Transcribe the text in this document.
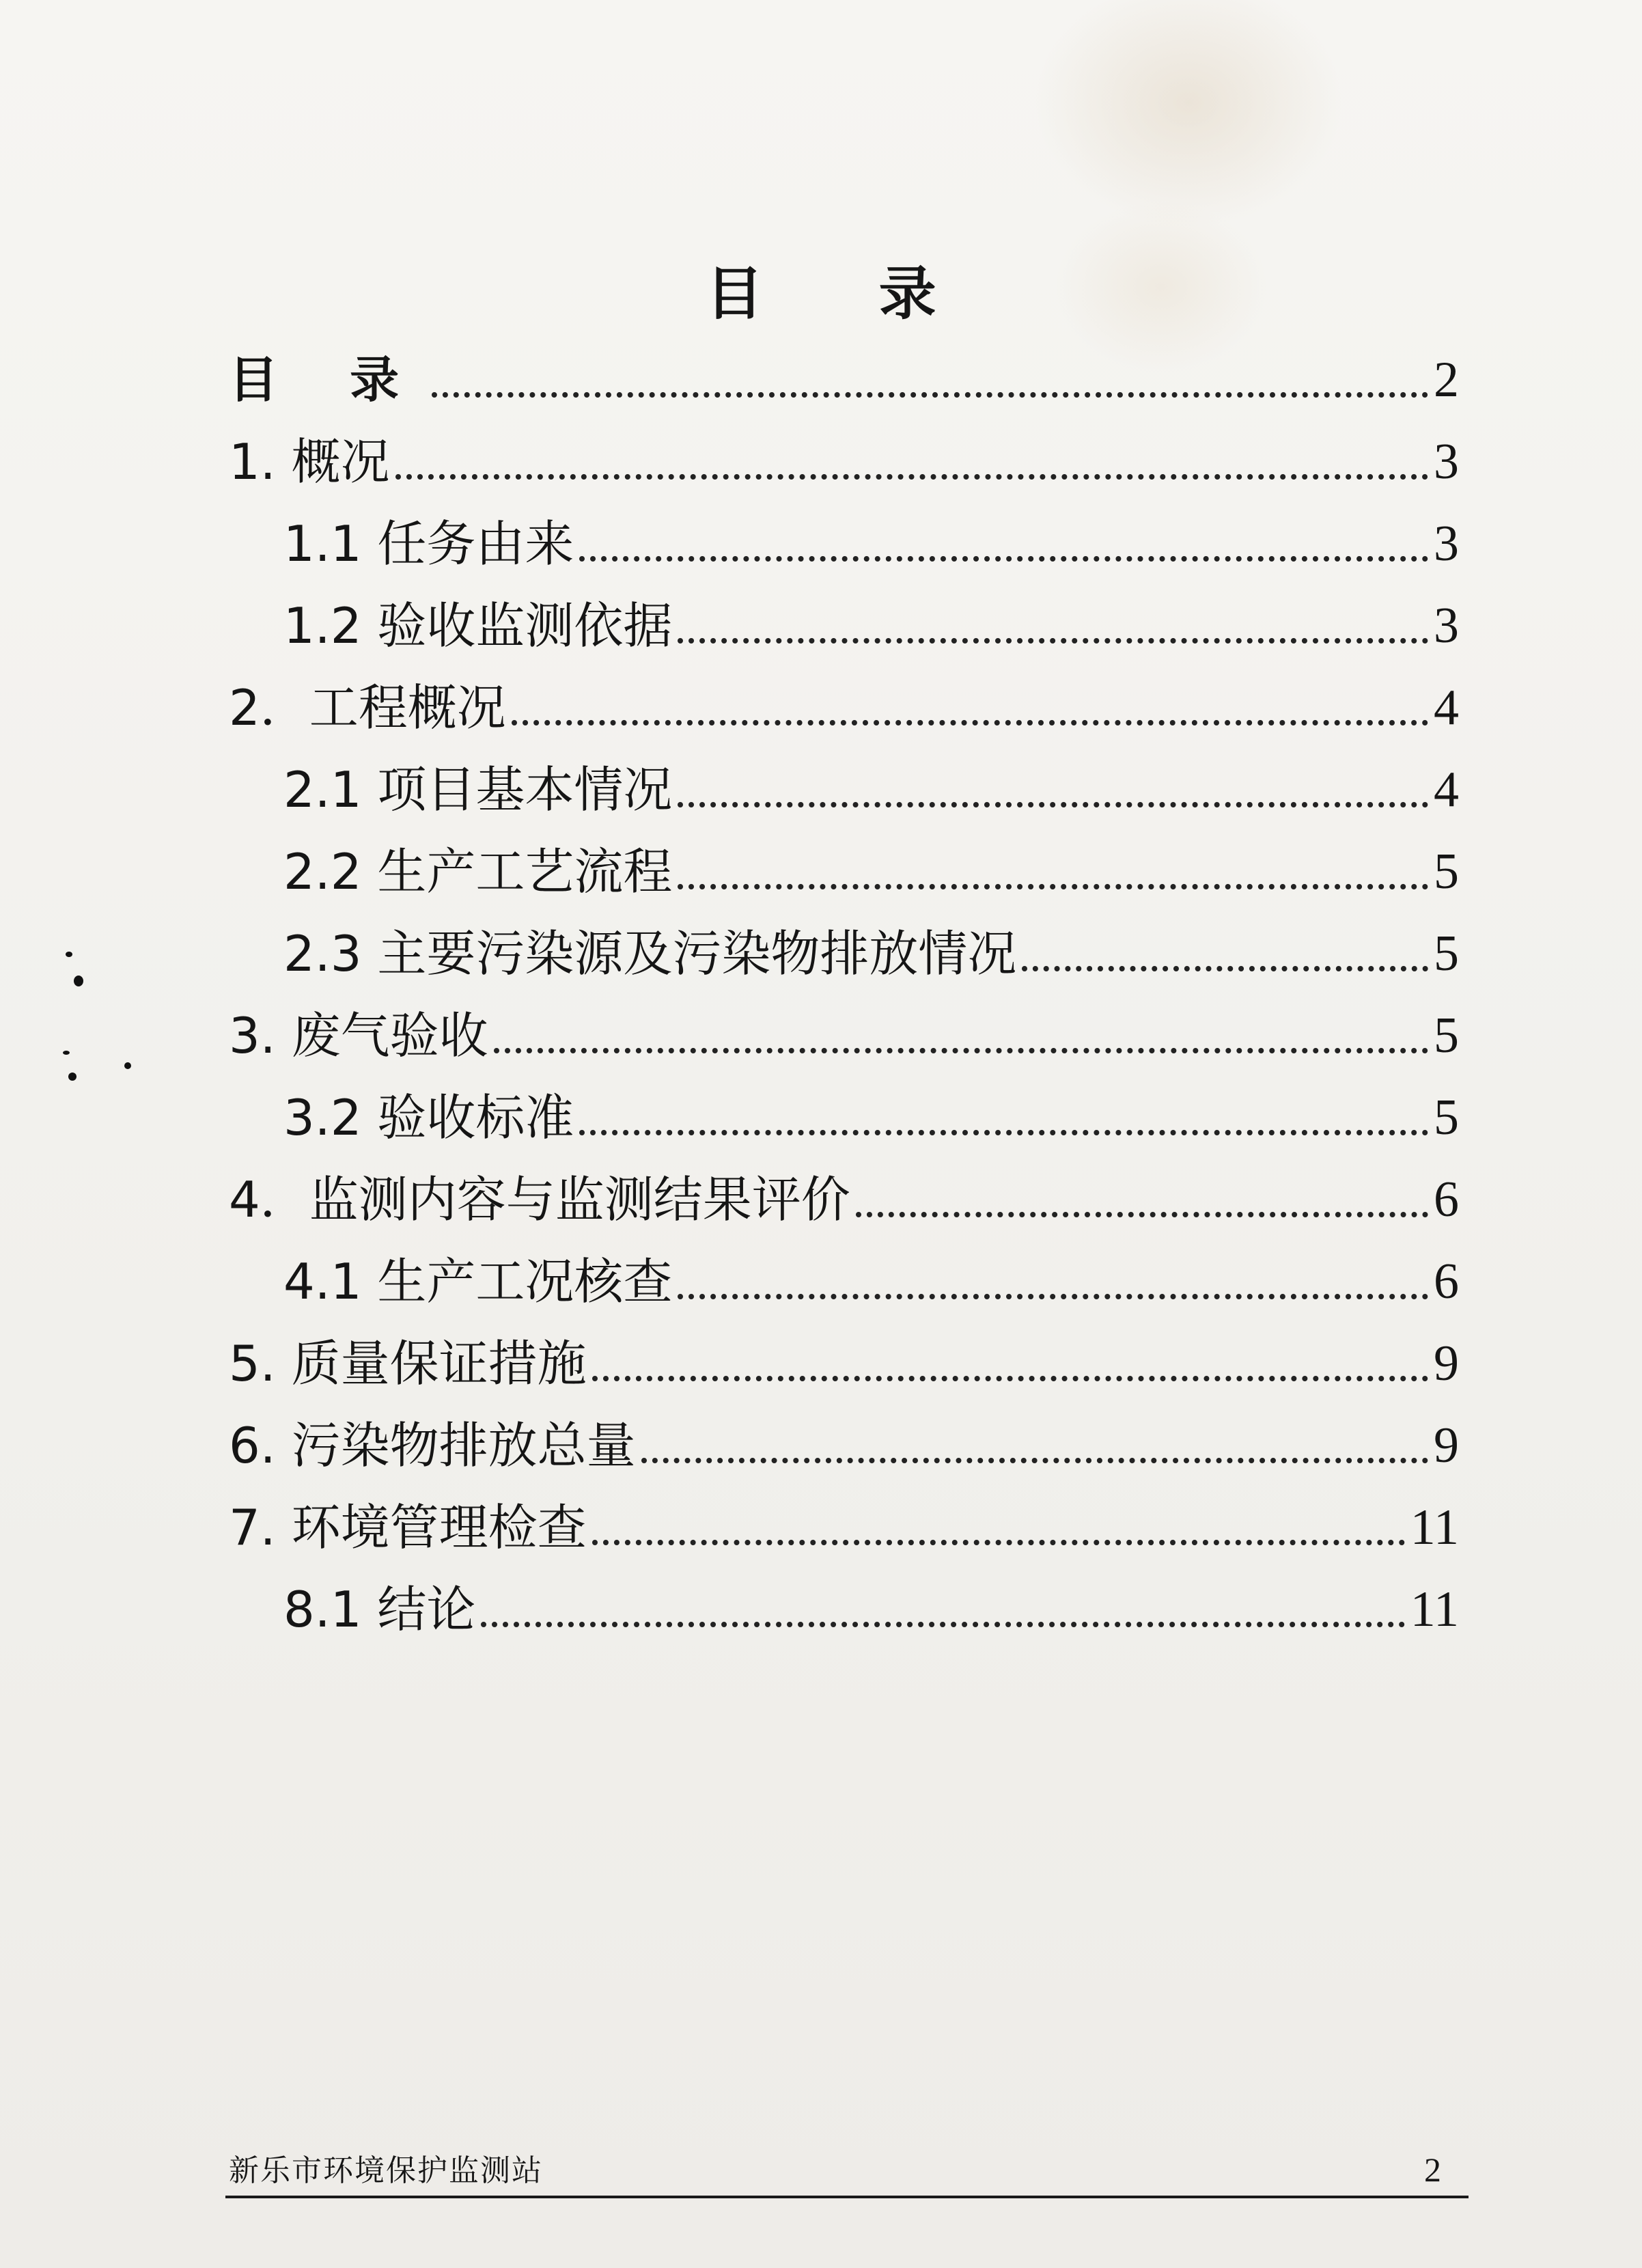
目 录
目 录	2
1. 概况	3
1.1 任务由来	3
1.2 验收监测依据	3
2．工程概况	4
2.1 项目基本情况	4
2.2 生产工艺流程	5
2.3 主要污染源及污染物排放情况	5
3. 废气验收	5
3.2 验收标准	5
4．监测内容与监测结果评价	6
4.1 生产工况核查	6
5. 质量保证措施	9
6. 污染物排放总量	9
7. 环境管理检查	11
8.1 结论	11
新乐市环境保护监测站	2
